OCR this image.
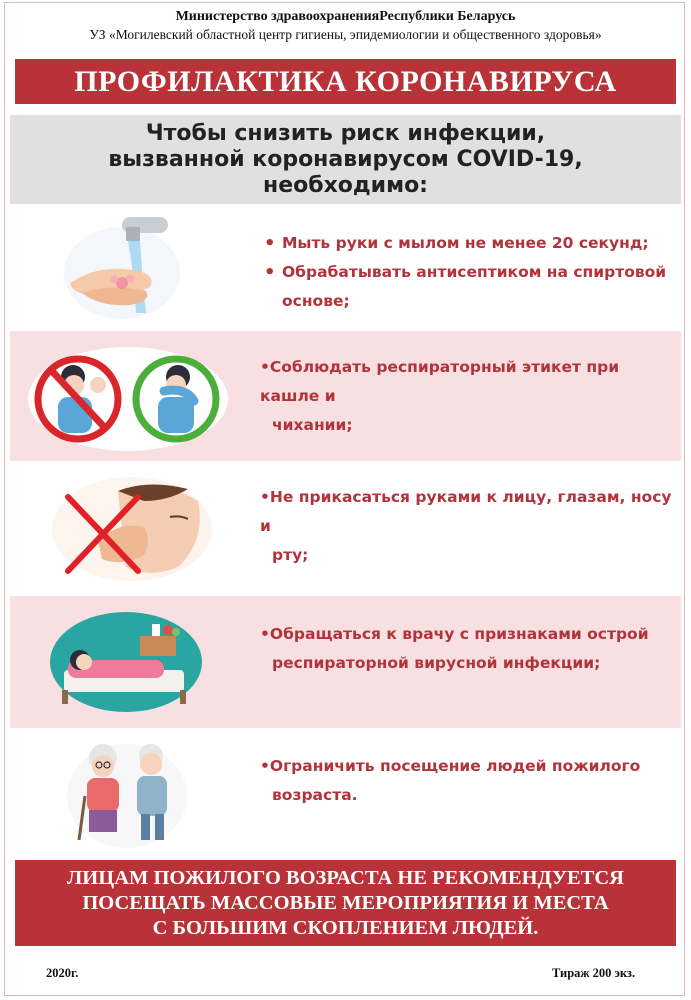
Министерство здравоохраненияРеспублики Беларусь
УЗ «Могилевский областной центр гигиены, эпидемиологии и общественного здоровья»
ПРОФИЛАКТИКА КОРОНАВИРУСА
Чтобы снизить риск инфекции,
вызванной коронавирусом COVID-19,
необходимо:
• Мыть руки с мылом не менее 20 секунд;
• Обрабатывать антисептиком на спиртовой основе;
•Соблюдать респираторный этикет при кашле и
чихании;
•Не прикасаться руками к лицу, глазам, носу и
рту;
•Обращаться к врачу с признаками острой
респираторной вирусной инфекции;
•Ограничить посещение людей пожилого
возраста.
ЛИЦАМ ПОЖИЛОГО ВОЗРАСТА НЕ РЕКОМЕНДУЕТСЯ
ПОСЕЩАТЬ МАССОВЫЕ МЕРОПРИЯТИЯ И МЕСТА
С БОЛЬШИМ СКОПЛЕНИЕМ ЛЮДЕЙ.
2020г.	Тираж 200 экз.
